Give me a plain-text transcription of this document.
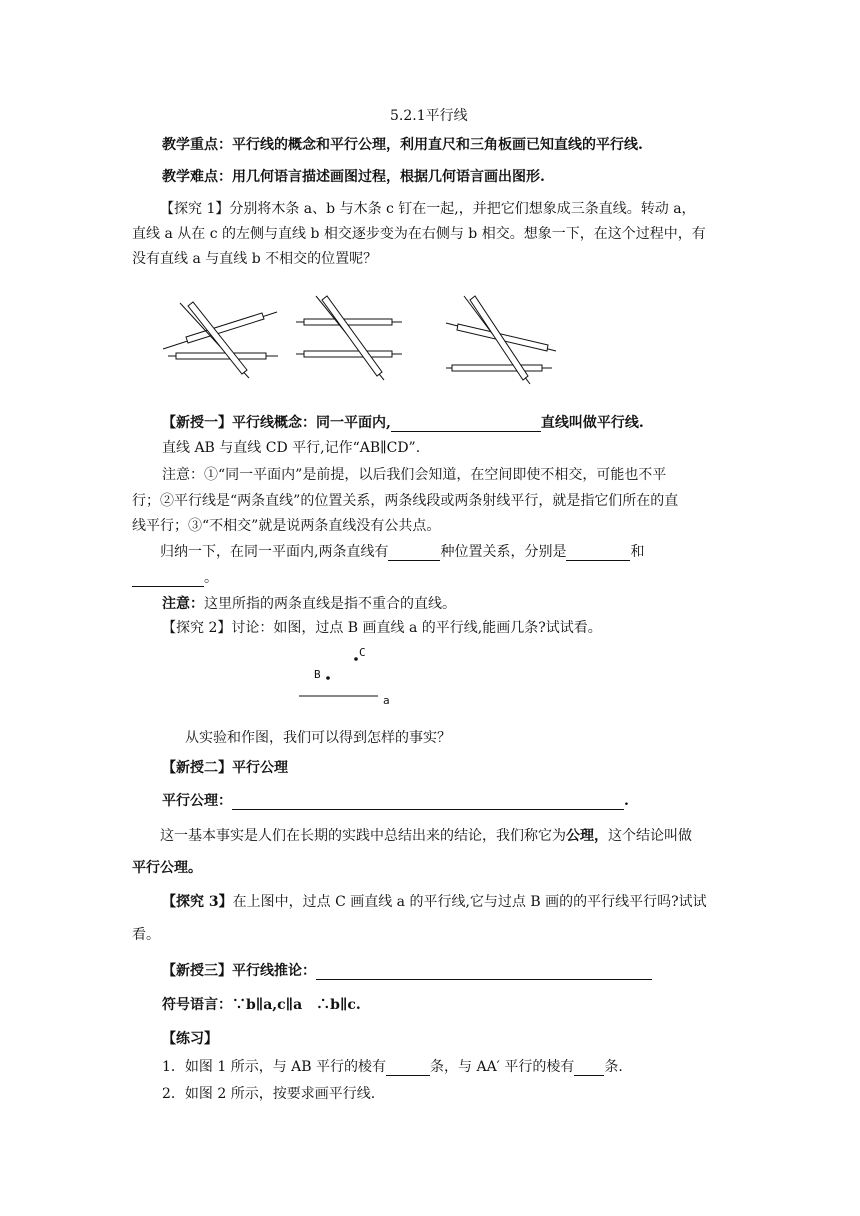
5.2.1平行线
教学重点：平行线的概念和平行公理，利用直尺和三角板画已知直线的平行线.
教学难点：用几何语言描述画图过程，根据几何语言画出图形.
【探究 1】分别将木条 a、b 与木条 c 钉在一起,，并把它们想象成三条直线。转动 a，
直线 a 从在 c 的左侧与直线 b 相交逐步变为在右侧与 b 相交。想象一下，在这个过程中，有
没有直线 a 与直线 b 不相交的位置呢？
【新授一】平行线概念：同一平面内,	直线叫做平行线.
直线 AB 与直线 CD 平行,记作“AB∥CD”.
注意：①“同一平面内”是前提，以后我们会知道，在空间即使不相交，可能也不平
行；②平行线是“两条直线”的位置关系，两条线段或两条射线平行，就是指它们所在的直
线平行；③“不相交”就是说两条直线没有公共点。
归纳一下，在同一平面内,两条直线有	种位置关系，分别是	和
。
注意：这里所指的两条直线是指不重合的直线。
【探究 2】讨论：如图，过点 B 画直线 a 的平行线,能画几条?试试看。
C
B
a
从实验和作图，我们可以得到怎样的事实？
【新授二】平行公理
平行公理：	.
这一基本事实是人们在长期的实践中总结出来的结论，我们称它为公理，这个结论叫做
平行公理。
【探究 3】在上图中，过点 C 画直线 a 的平行线,它与过点 B 画的的平行线平行吗?试试
看。
【新授三】平行线推论：
符号语言：∵b∥a,c∥a　∴b∥c.
【练习】
1．如图 1 所示，与 AB 平行的棱有	条，与 AA′ 平行的棱有 条.
2．如图 2 所示，按要求画平行线.
